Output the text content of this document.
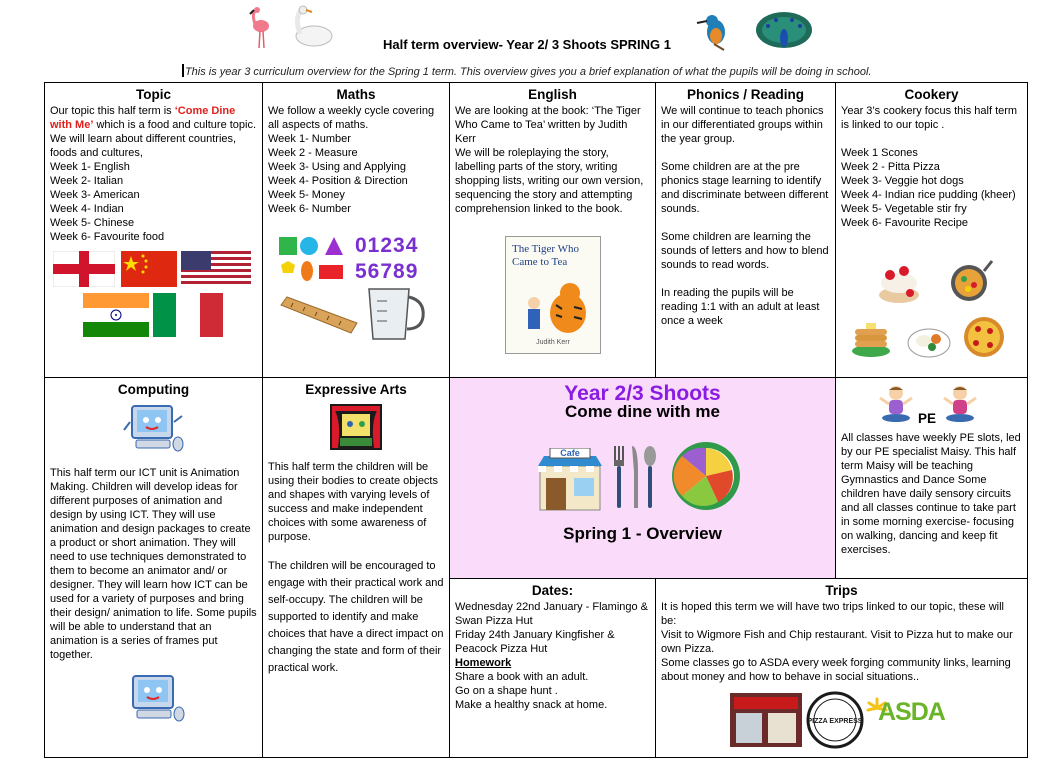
Half term overview- Year 2/ 3 Shoots SPRING 1
This is year 3 curriculum overview for the Spring 1 term. This overview gives you a brief explanation of what the pupils will be doing in school.
Topic

Our topic this half term is ‘Come Dine with Me’ which is a food and culture topic. We will learn about different countries, foods and cultures,

Week 1- English
Week 2- Italian
Week 3- American
Week 4- Indian
Week 5- Chinese
Week 6- Favourite food
Maths

We follow a weekly cycle covering all aspects of maths.

Week 1- Number
Week 2 - Measure
Week 3- Using and Applying
Week 4- Position & Direction
Week 5- Money
Week 6- Number
01234 56789
English

We are looking at the book: ‘The Tiger Who Came to Tea’ written by Judith Kerr

We will be roleplaying the story, labelling parts of the story, writing shopping lists, writing our own version, sequencing the story and attempting comprehension linked to the book.

The Tiger Who Came to Tea
Judith Kerr
Phonics / Reading

We will continue to teach phonics in our differentiated groups within the year group.

Some children are at the pre phonics stage learning to identify and discriminate between different sounds.

Some children are learning the sounds of letters and how to blend sounds to read words.

In reading the pupils will be reading 1:1 with an adult at least once a week

Cookery

Year 3’s cookery focus this half term is linked to our topic .

Week 1 Scones
Week 2 - Pitta Pizza
Week 3- Veggie hot dogs
Week 4- Indian rice pudding (kheer)
Week 5- Vegetable stir fry
Week 6- Favourite Recipe
Computing

This half term our ICT unit is Animation Making. Children will develop ideas for different purposes of animation and design by using ICT. They will use animation and design packages to create a product or short animation. They will need to use techniques demonstrated to them to become an animator and/ or designer. They will learn how ICT can be used for a variety of purposes and bring their design/ animation to life. Some pupils will be able to understand that an animation is a series of frames put together.

Expressive Arts

This half term the children will be using their bodies to create objects and shapes with varying levels of success and make independent choices with some awareness of purpose.

The children will be encouraged to engage with their practical work and self-occupy. The children will be supported to identify and make choices that have a direct impact on changing the state and form of their practical work.

Year 2/3 Shoots
Come dine with me
Cafe
Spring 1 - Overview
PE

All classes have weekly PE slots, led by our PE specialist Maisy. This half term Maisy will be teaching Gymnastics and Dance Some children have daily sensory circuits and all classes continue to take part in some morning exercise- focusing on walking, dancing and keep fit exercises.

Dates:

Wednesday 22nd January - Flamingo & Swan Pizza Hut

Friday 24th January Kingfisher & Peacock Pizza Hut

Homework

Share a book with an adult.

Go on a shape hunt .

Make a healthy snack at home.

Trips

It is hoped this term we will have two trips linked to our topic, these will be:

Visit to Wigmore Fish and Chip restaurant. Visit to Pizza hut to make our own Pizza.

Some classes go to ASDA every week forging community links, learning about money and how to behave in social situations..

PIZZA EXPRESS ASDA
